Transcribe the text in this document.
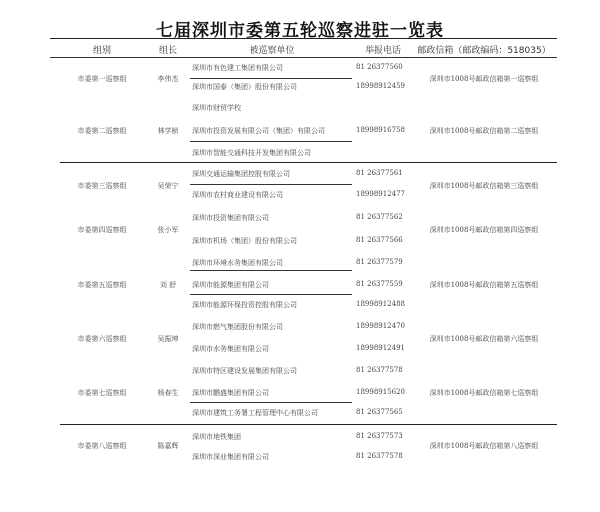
七届深圳市委第五轮巡察进驻一览表
组别	组长	被巡察单位	举报电话	邮政信箱（邮政编码：518035）
市委第一巡察组	李伟杰	深圳市1008号邮政信箱第一巡察组
深圳市有色建工集团有限公司	81 26377560
深圳市国泰（集团）股份有限公司	18998912459
市委第二巡察组	林学桢	深圳市1008号邮政信箱第二巡察组
深圳市财贸学校
深圳市投资发展有限公司（集团）有限公司	18998916758
深圳市智能交通科技开发集团有限公司
市委第三巡察组	吴荣宁	深圳市1008号邮政信箱第三巡察组
深圳交通运输集团控股有限公司	81 26377561
深圳市农村商业建设有限公司	18998912477
市委第四巡察组	张小军	深圳市1008号邮政信箱第四巡察组
深圳市投资集团有限公司	81 26377562
深圳市机场（集团）股份有限公司	81 26377566
深圳市环境水务集团有限公司	81 26377579
市委第五巡察组	刘 舒	深圳市1008号邮政信箱第五巡察组
深圳市能源集团有限公司	81 26377559
深圳市能源环保投资控股有限公司	18998912488
市委第六巡察组	吴振坤	深圳市1008号邮政信箱第六巡察组
深圳市燃气集团股份有限公司	18998912470
深圳市水务集团有限公司	18998912491
市委第七巡察组	杨春生	深圳市1008号邮政信箱第七巡察组
深圳市特区建设发展集团有限公司	81 26377578
深圳市鹏盛集团有限公司	18998915620
深圳市建筑工务署工程管理中心有限公司	81 26377565
市委第八巡察组	陈嘉辉	深圳市1008号邮政信箱第八巡察组
深圳市地铁集团	81 26377573
深圳市深业集团有限公司	81 26377578
